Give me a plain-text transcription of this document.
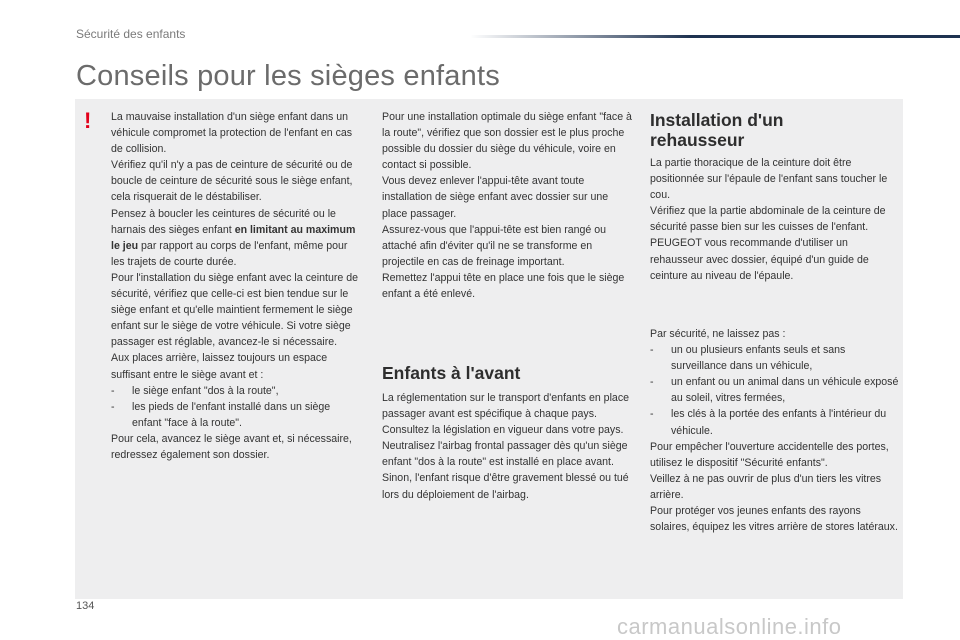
Sécurité des enfants
Conseils pour les sièges enfants
! La mauvaise installation d'un siège enfant dans un véhicule compromet la protection de l'enfant en cas de collision.

Vérifiez qu'il n'y a pas de ceinture de sécurité ou de boucle de ceinture de sécurité sous le siège enfant, cela risquerait de le déstabiliser.

Pensez à boucler les ceintures de sécurité ou le harnais des sièges enfant en limitant au maximum le jeu par rapport au corps de l'enfant, même pour les trajets de courte durée.

Pour l'installation du siège enfant avec la ceinture de sécurité, vérifiez que celle-ci est bien tendue sur le siège enfant et qu'elle maintient fermement le siège enfant sur le siège de votre véhicule. Si votre siège passager est réglable, avancez-le si nécessaire.

Aux places arrière, laissez toujours un espace suffisant entre le siège avant et :

-	le siège enfant "dos à la route",
-	les pieds de l'enfant installé dans un siège enfant "face à la route".

Pour cela, avancez le siège avant et, si nécessaire, redressez également son dossier.

Pour une installation optimale du siège enfant "face à la route", vérifiez que son dossier est le plus proche possible du dossier du siège du véhicule, voire en contact si possible.

Vous devez enlever l'appui-tête avant toute installation de siège enfant avec dossier sur une place passager.

Assurez-vous que l'appui-tête est bien rangé ou attaché afin d'éviter qu'il ne se transforme en projectile en cas de freinage important.

Remettez l'appui tête en place une fois que le siège enfant a été enlevé.

Enfants à l'avant

La réglementation sur le transport d'enfants en place passager avant est spécifique à chaque pays. Consultez la législation en vigueur dans votre pays.

Neutralisez l'airbag frontal passager dès qu'un siège enfant "dos à la route" est installé en place avant. Sinon, l'enfant risque d'être gravement blessé ou tué lors du déploiement de l'airbag.

Installation d'un rehausseur

La partie thoracique de la ceinture doit être positionnée sur l'épaule de l'enfant sans toucher le cou.

Vérifiez que la partie abdominale de la ceinture de sécurité passe bien sur les cuisses de l'enfant.

PEUGEOT vous recommande d'utiliser un rehausseur avec dossier, équipé d'un guide de ceinture au niveau de l'épaule.

Par sécurité, ne laissez pas :

-	un ou plusieurs enfants seuls et sans surveillance dans un véhicule,
-	un enfant ou un animal dans un véhicule exposé au soleil, vitres fermées,
-	les clés à la portée des enfants à l'intérieur du véhicule.

Pour empêcher l'ouverture accidentelle des portes, utilisez le dispositif "Sécurité enfants".

Veillez à ne pas ouvrir de plus d'un tiers les vitres arrière.

Pour protéger vos jeunes enfants des rayons solaires, équipez les vitres arrière de stores latéraux.

134
carmanualsonline.info
